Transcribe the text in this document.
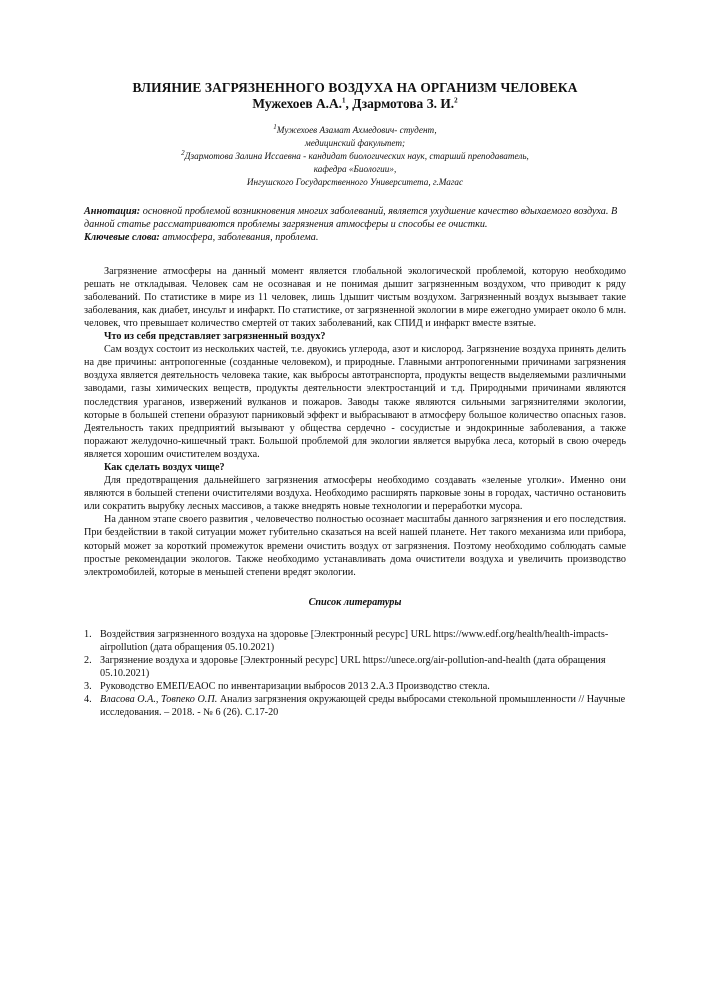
ВЛИЯНИЕ ЗАГРЯЗНЕННОГО ВОЗДУХА НА ОРГАНИЗМ ЧЕЛОВЕКА
Мужехоев А.А.$^1$, Дзармотова З. И.$^2$
$^1$Мужехоев Азамат Ахмедович- студент,
медицинский факультет;
$^2$Дзармотова Залина Иссаевна - кандидат биологических наук, старший преподаватель,
кафедра «Биологии»,
Ингушского Государственного Университета, г.Магас
Аннотация: основной проблемой возникновения многих заболеваний, является ухудшение качество вдыхаемого воздуха. В данной статье рассматриваются проблемы загрязнения атмосферы и способы ее очистки.
Ключевые слова: атмосфера, заболевания, проблема.

Загрязнение атмосферы на данный момент является глобальной экологической проблемой, которую необходимо решать не откладывая. Человек сам не осознавая и не понимая дышит загрязненным воздухом, что приводит к ряду заболеваний. По статистике в мире из 11 человек, лишь 1дышит чистым воздухом. Загрязненный воздух вызывает такие заболевания, как диабет, инсульт и инфаркт. По статистике, от загрязненной экологии в мире ежегодно умирает около 6 млн. человек, что превышает количество смертей от таких заболеваний, как СПИД и инфаркт вместе взятые.

Что из себя представляет загрязненный воздух?

Сам воздух состоит из нескольких частей, т.е. двуокись углерода, азот и кислород. Загрязнение воздуха принять делить на две причины: антропогенные (созданные человеком), и природные. Главными антропогенными причинами загрязнения воздуха является деятельность человека такие, как выбросы автотранспорта, продукты веществ выделяемыми различными заводами, газы химических веществ, продукты деятельности электростанций и т.д. Природными причинами являются последствия ураганов, извержений вулканов и пожаров. Заводы также являются сильными загрязнителями экологии, которые в большей степени образуют парниковый эффект и выбрасывают в атмосферу большое количество опасных газов. Деятельность таких предприятий вызывают у общества сердечно - сосудистые и эндокринные заболевания, а также поражают желудочно-кишечный тракт. Большой проблемой для экологии является вырубка леса, который в свою очередь является хорошим очистителем воздуха.

Как сделать воздух чище?

Для предотвращения дальнейшего загрязнения атмосферы необходимо создавать «зеленые уголки». Именно они являются в большей степени очистителями воздуха. Необходимо расширять парковые зоны в городах, частично остановить или сократить вырубку лесных массивов, а также внедрять новые технологии и переработки мусора.

На данном этапе своего развития , человечество полностью осознает масштабы данного загрязнения и его последствия. При бездействии в такой ситуации может губительно сказаться на всей нашей планете. Нет такого механизма или прибора, который может за короткий промежуток времени очистить воздух от загрязнения. Поэтому необходимо соблюдать самые простые рекомендации экологов. Также необходимо устанавливать дома очистители воздуха и увеличить производство электромобилей, которые в меньшей степени вредят экологии.

Список литературы
1. Воздействия загрязненного воздуха на здоровье [Электронный ресурс] URL https://www.edf.org/health/health-impacts-airpollution (дата обращения 05.10.2021)
2. Загрязнение воздуха и здоровье [Электронный ресурс] URL https://unece.org/air-pollution-and-health (дата обращения 05.10.2021)
3. Руководство ЕМЕП/ЕАОС по инвентаризации выбросов 2013 2.А.3 Производство стекла.
4. Власова О.А., Товпеко О.П. Анализ загрязнения окружающей среды выбросами стекольной промышленности // Научные исследования. – 2018. - № 6 (26). С.17-20
